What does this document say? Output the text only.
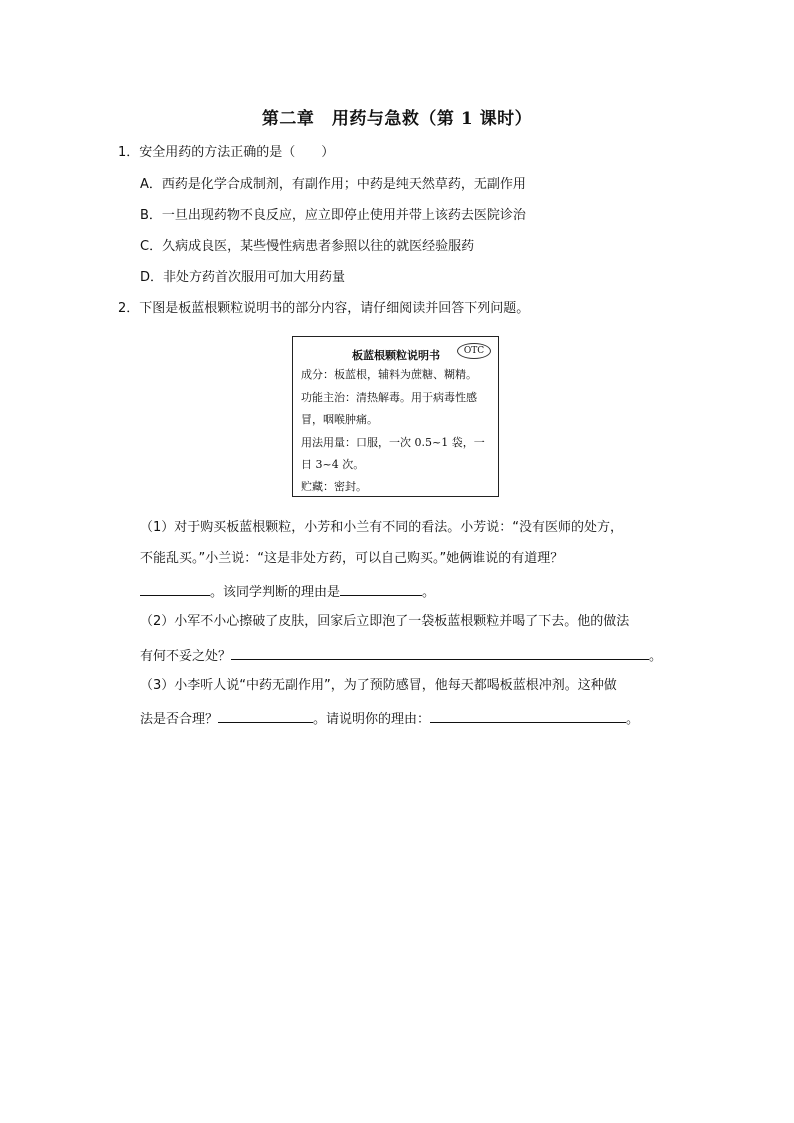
第二章　用药与急救（第 1 课时）
1．安全用药的方法正确的是（　　）
A．西药是化学合成制剂，有副作用；中药是纯天然草药，无副作用
B．一旦出现药物不良反应，应立即停止使用并带上该药去医院诊治
C．久病成良医，某些慢性病患者参照以往的就医经验服药
D．非处方药首次服用可加大用药量
2．下图是板蓝根颗粒说明书的部分内容，请仔细阅读并回答下列问题。
板蓝根颗粒说明书	OTC
成分：板蓝根，辅料为蔗糖、糊精。
功能主治：清热解毒。用于病毒性感
冒，咽喉肿痛。
用法用量：口服，一次 0.5~1 袋，一
日 3~4 次。
贮藏：密封。
（1）对于购买板蓝根颗粒，小芳和小兰有不同的看法。小芳说：“没有医师的处方，
不能乱买。”小兰说：“这是非处方药，可以自己购买。”她俩谁说的有道理？
。该同学判断的理由是	。
（2）小军不小心擦破了皮肤，回家后立即泡了一袋板蓝根颗粒并喝了下去。他的做法
有何不妥之处？	。
（3）小李听人说“中药无副作用”，为了预防感冒，他每天都喝板蓝根冲剂。这种做
法是否合理？	。请说明你的理由：	。
